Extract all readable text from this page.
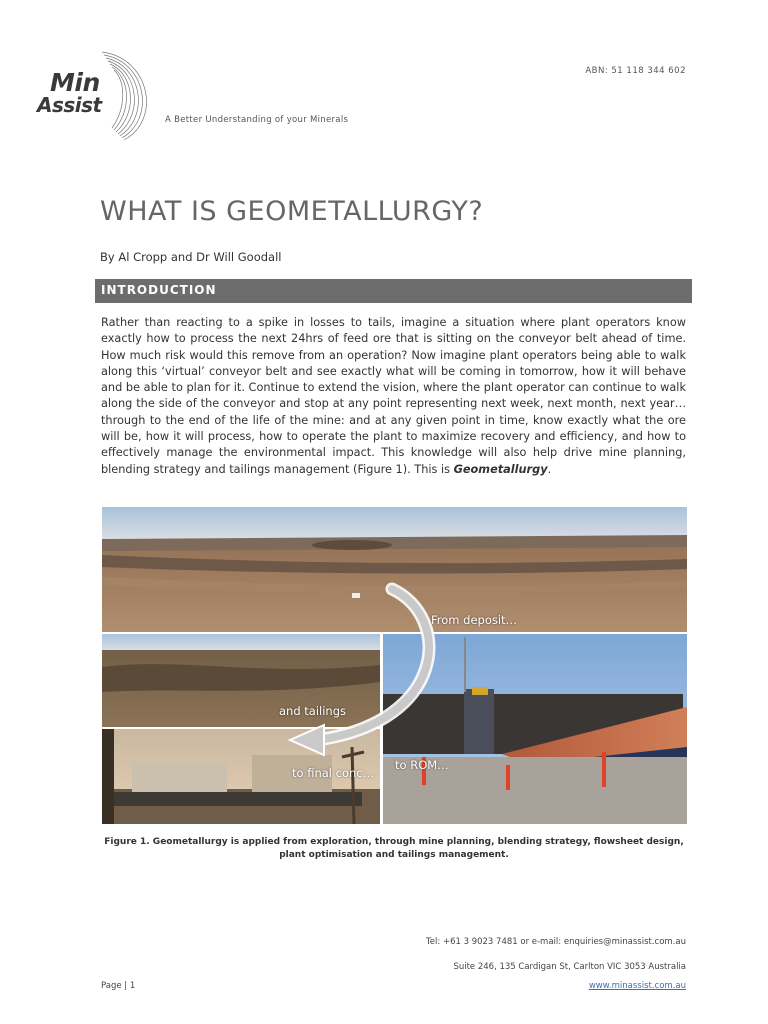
Min
Assist
A Better Understanding of your Minerals
ABN: 51 118 344 602
WHAT IS GEOMETALLURGY?
By Al Cropp and Dr Will Goodall
INTRODUCTION
Rather than reacting to a spike in losses to tails, imagine a situation where plant operators know exactly how to process the next 24hrs of feed ore that is sitting on the conveyor belt ahead of time. How much risk would this remove from an operation? Now imagine plant operators being able to walk along this ‘virtual’ conveyor belt and see exactly what will be coming in tomorrow, how it will behave and be able to plan for it. Continue to extend the vision, where the plant operator can continue to walk along the side of the conveyor and stop at any point representing next week, next month, next year… through to the end of the life of the mine: and at any given point in time, know exactly what the ore will be, how it will process, how to operate the plant to maximize recovery and efficiency, and how to effectively manage the environmental impact. This knowledge will also help drive mine planning, blending strategy and tailings management (Figure 1). This is Geometallurgy.
From deposit…
and tailings
to ROM…
to final conc…
Figure 1. Geometallurgy is applied from exploration, through mine planning, blending strategy, flowsheet design, plant optimisation and tailings management.
Tel: +61 3 9023 7481 or e-mail: enquiries@minassist.com.au
Suite 246, 135 Cardigan St, Carlton VIC 3053 Australia
Page | 1	www.minassist.com.au
